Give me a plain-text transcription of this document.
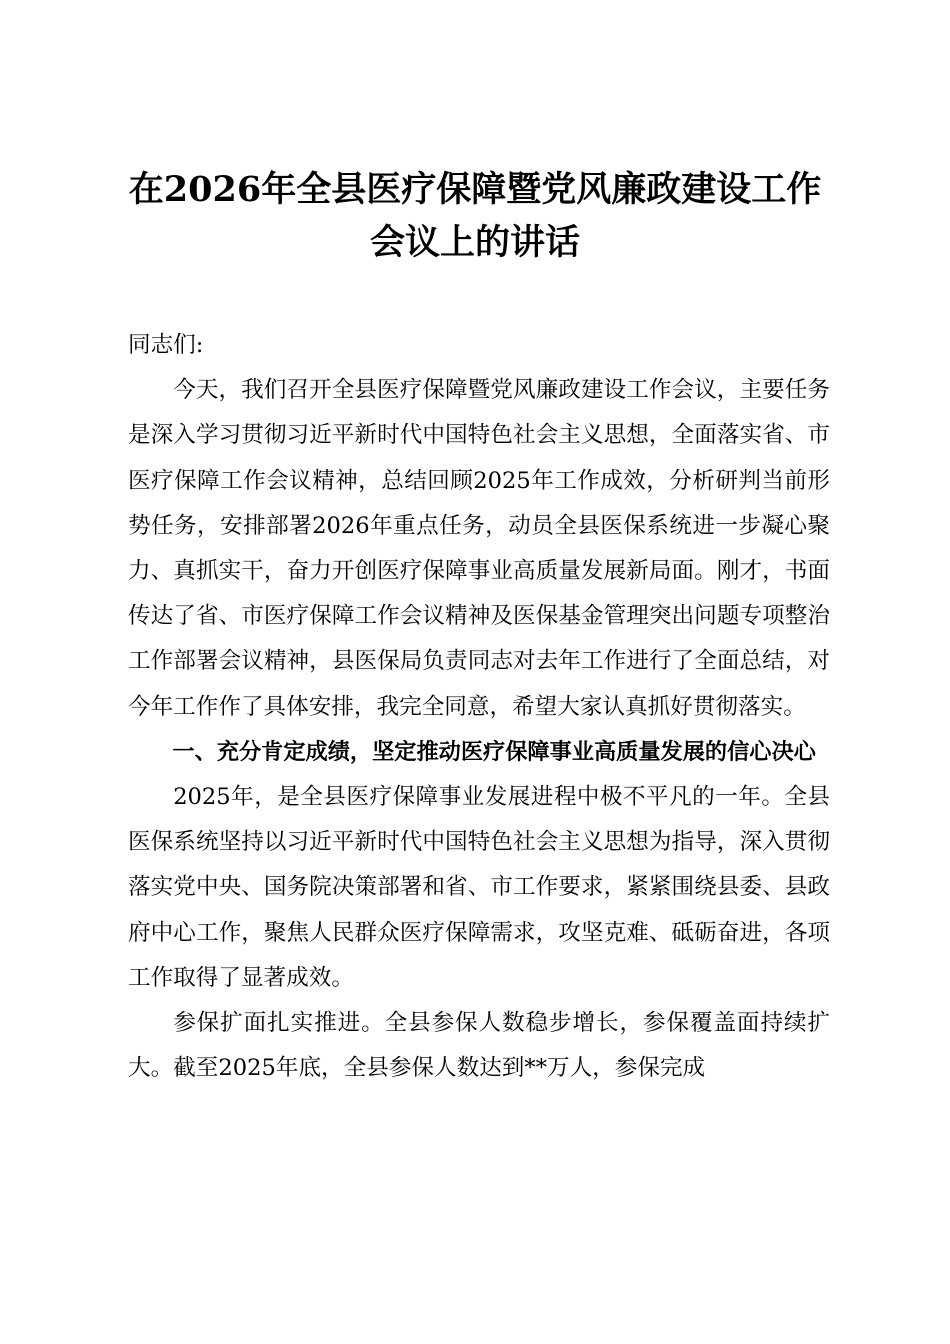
在2026年全县医疗保障暨党风廉政建设工作
会议上的讲话

同志们:

今天，我们召开全县医疗保障暨党风廉政建设工作会议，主要任务是深入学习贯彻习近平新时代中国特色社会主义思想，全面落实省、市医疗保障工作会议精神，总结回顾2025年工作成效，分析研判当前形势任务，安排部署2026年重点任务，动员全县医保系统进一步凝心聚力、真抓实干，奋力开创医疗保障事业高质量发展新局面。刚才，书面传达了省、市医疗保障工作会议精神及医保基金管理突出问题专项整治工作部署会议精神，县医保局负责同志对去年工作进行了全面总结，对今年工作作了具体安排，我完全同意，希望大家认真抓好贯彻落实。

一、充分肯定成绩，坚定推动医疗保障事业高质量发展的信心决心

2025年，是全县医疗保障事业发展进程中极不平凡的一年。全县医保系统坚持以习近平新时代中国特色社会主义思想为指导，深入贯彻落实党中央、国务院决策部署和省、市工作要求，紧紧围绕县委、县政府中心工作，聚焦人民群众医疗保障需求，攻坚克难、砥砺奋进，各项工作取得了显著成效。

参保扩面扎实推进。全县参保人数稳步增长，参保覆盖面持续扩大。截至2025年底，全县参保人数达到**万人，参保完成
